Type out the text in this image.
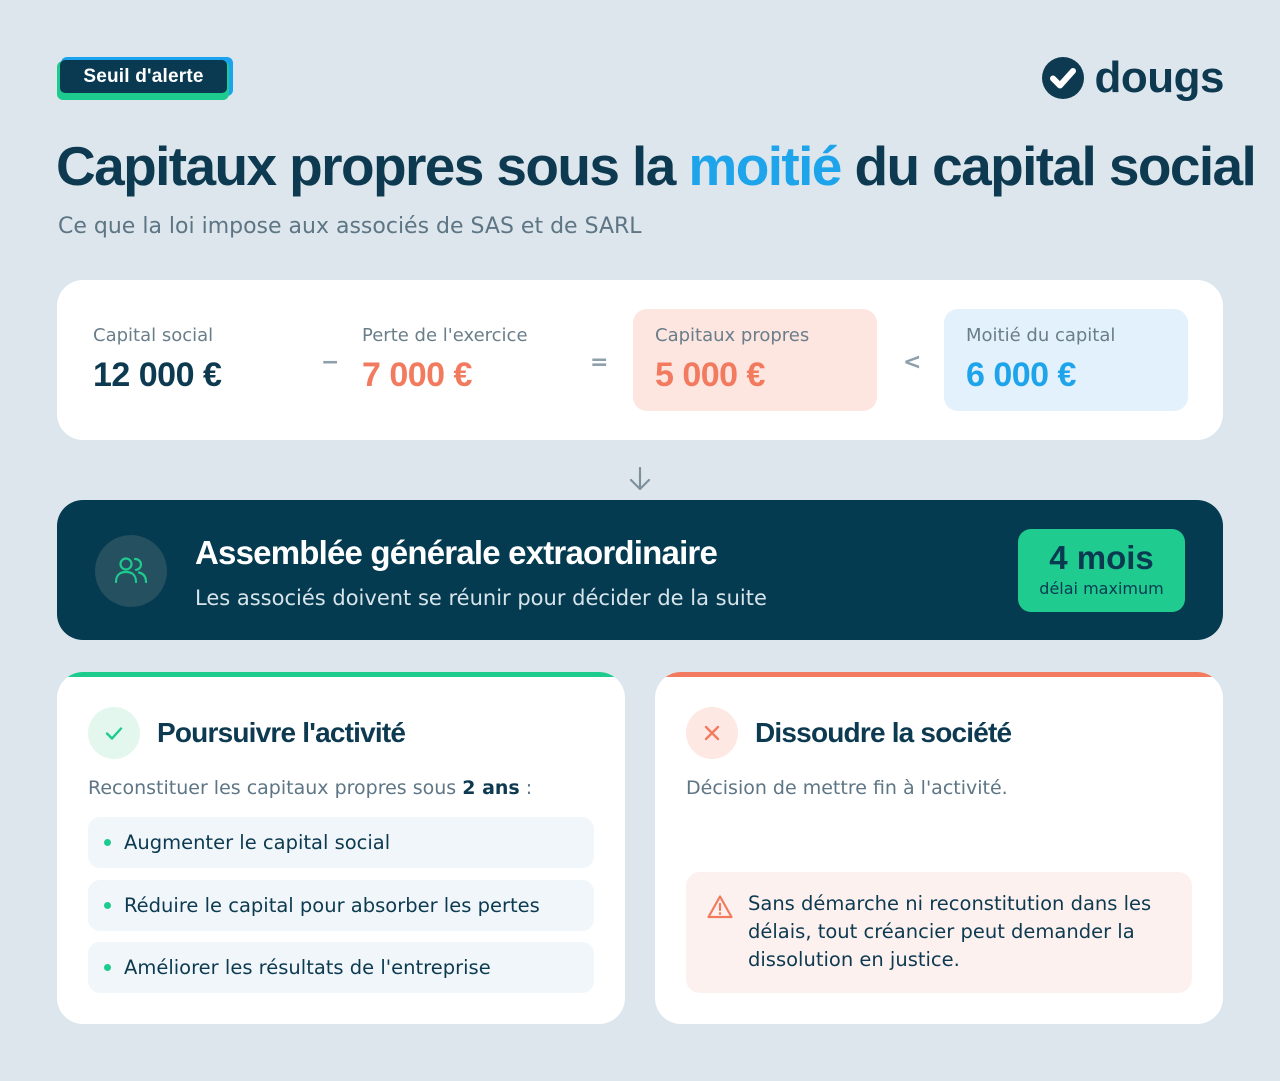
Seuil d'alerte	dougs
Capitaux propres sous la moitié du capital social
Ce que la loi impose aux associés de SAS et de SARL
Capital social
12 000 €	−
Perte de l'exercice
7 000 €	=
Capitaux propres
5 000 €	<
Moitié du capital
6 000 €
Assemblée générale extraordinaire
Les associés doivent se réunir pour décider de la suite
4 mois
délai maximum
Poursuivre l'activité
Reconstituer les capitaux propres sous 2 ans :
Augmenter le capital social
Réduire le capital pour absorber les pertes
Améliorer les résultats de l'entreprise
Dissoudre la société
Décision de mettre fin à l'activité.
Sans démarche ni reconstitution dans les délais, tout créancier peut demander la dissolution en justice.
